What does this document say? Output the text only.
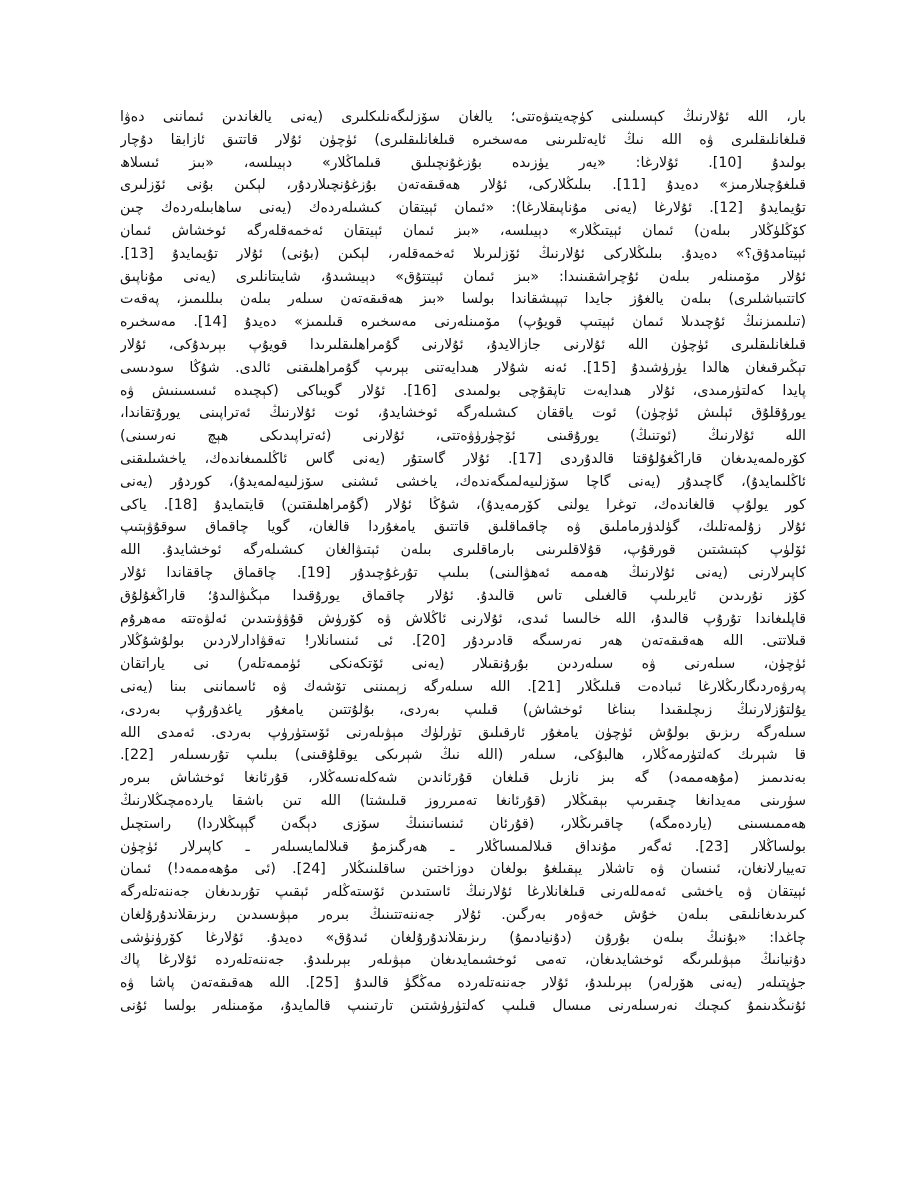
بار، الله ئۇلارنىڭ كېسىلىنى كۈچەيتىۋەتتى؛ يالغان سۆزلىگەنلىكلىرى (يەنى يالغاندىن ئىماننى دەۋا
قىلغانلىقلىرى ۋە الله نىڭ ئايەتلىرىنى مەسخىرە قىلغانلىقلىرى) ئۈچۈن ئۇلار قاتتىق ئازابقا دۇچار
بولىدۇ [10]. ئۇلارغا: «يەر يۈزىدە بۇزغۇنچىلىق قىلماڭلار» دېيىلسە، «بىز ئىسلاھ
قىلغۇچىلارمىز» دەيدۇ [11]. بىلىڭلاركى، ئۇلار ھەقىقەتەن بۇزغۇنچىلاردۇر، لېكىن بۇنى ئۆزلىرى
تۇيمايدۇ [12]. ئۇلارغا (يەنى مۇناپىقلارغا): «ئىمان ئېيتقان كىشىلەردەك (يەنى ساھابىلەردەك چىن
كۆڭلۈڭلار بىلەن) ئىمان ئېيتىڭلار» دېيىلسە، «بىز ئىمان ئېيتقان ئەخمەقلەرگە ئوخشاش ئىمان
ئېيتامدۇق؟» دەيدۇ. بىلىڭلاركى ئۇلارنىڭ ئۆزلىرىلا ئەخمەقلەر، لېكىن (بۇنى) ئۇلار تۇيمايدۇ [13].
ئۇلار مۆمىنلەر بىلەن ئۇچراشقىنىدا: «بىز ئىمان ئېيتتۇق» دېيىشىدۇ، شايىتانلىرى (يەنى مۇناپىق
كاتتىباشلىرى) بىلەن يالغۇز جايدا تېپىشقاندا بولسا «بىز ھەقىقەتەن سىلەر بىلەن بىللىمىز، پەقەت
(تىلىمىزنىڭ ئۇچىدىلا ئىمان ئېيتىپ قويۇپ) مۆمىنلەرنى مەسخىرە قىلىمىز» دەيدۇ [14]. مەسخىرە
قىلغانلىقلىرى ئۈچۈن الله ئۇلارنى جازالايدۇ، ئۇلارنى گۇمراھلىقلىرىدا قويۇپ بېرىدۇكى، ئۇلار
تېڭىرقىغان ھالدا يۈرۈشىدۇ [15]. ئەنە شۇلار ھىدايەتنى بېرىپ گۇمراھلىقنى ئالدى. شۇڭا سودىسى
پايدا كەلتۈرمىدى، ئۇلار ھىدايەت تاپقۇچى بولمىدى [16]. ئۇلار گويىاكى (كېچىدە ئىسسىنىش ۋە
يورۇقلۇق ئېلىش ئۈچۈن) ئوت ياققان كىشىلەرگە ئوخشايدۇ، ئوت ئۇلارنىڭ ئەتراپىنى يورۇتقاندا،
الله ئۇلارنىڭ (ئوتنىڭ) يورۇقىنى ئۆچۈرۈۋەتتى، ئۇلارنى (ئەتراپىدىكى ھېچ نەرسىنى)
كۆرەلمەيدىغان قاراڭغۇلۇقتا قالدۇردى [17]. ئۇلار گاستۇر (يەنى گاس ئاڭلىمىغاندەك، ياخشىلىقنى
ئاڭلىمايدۇ)، گاچىدۇر (يەنى گاچا سۆزلىيەلمىگەندەك، ياخشى ئىشنى سۆزلىيەلمەيدۇ)، كوردۇر (يەنى
كور يولۇپ قالغاندەك، توغرا يولنى كۆرمەيدۇ)، شۇڭا ئۇلار (گۇمراھلىقتىن) قايتمايدۇ [18]. ياكى
ئۇلار زۇلمەتلىك، گۈلدۈرماملىق ۋە چاقماقلىق قاتتىق يامغۇردا قالغان، گويا چاقماق سوقۇۋېتىپ
ئۆلۈپ كېتىشتىن قورقۇپ، قۇلاقلىرىنى بارماقلىرى بىلەن ئېتىۋالغان كىشىلەرگە ئوخشايدۇ. الله
كاپىرلارنى (يەنى ئۇلارنىڭ ھەممە ئەھۋالىنى) بىلىپ تۇرغۇچىدۇر [19]. چاقماق چاققاندا ئۇلار
كۆز نۇرىدىن ئايرىلىپ قالغىلى تاس قالىدۇ. ئۇلار چاقماق يورۇقىدا مېڭىۋالىدۇ؛ قاراڭغۇلۇق
قاپلىغاندا تۇرۇپ قالىدۇ، الله خالىسا ئىدى، ئۇلارنى ئاڭلاش ۋە كۆرۈش قۇۋۋىتىدىن ئەلۋەتتە مەھرۇم
قىلاتتى. الله ھەقىقەتەن ھەر نەرسىگە قادىردۇر [20]. ئى ئىنسانلار! تەقۋادارلاردىن بولۇشۇڭلار
ئۈچۈن، سىلەرنى ۋە سىلەردىن بۇرۇنقىلار (يەنى ئۆتكەنكى ئۈممەتلەر) نى ياراتقان
پەرۋەردىگارىڭلارغا ئىبادەت قىلىڭلار [21]. الله سىلەرگە زېمىننى تۆشەك ۋە ئاسماننى بىنا (يەنى
يۇلتۇزلارنىڭ زىچلىقىدا بىناغا ئوخشاش) قىلىپ بەردى، بۇلۇتتىن يامغۇر ياغدۇرۇپ بەردى،
سىلەرگە رىزىق بولۇش ئۈچۈن يامغۇر ئارقىلىق تۈرلۈك مېۋىلەرنى ئۆستۈرۈپ بەردى. ئەمدى الله
قا شېرىك كەلتۈرمەڭلار، ھالبۇكى، سىلەر (الله نىڭ شېرىكى يوقلۇقىنى) بىلىپ تۇرىسىلەر [22].
بەندىمىز (مۇھەممەد) گە بىز نازىل قىلغان قۇرئاندىن شەكلەنسەڭلار، قۇرئانغا ئوخشاش بىرەر
سۈرىنى مەيدانغا چىقىرىپ بېقىڭلار (قۇرئانغا تەمىرروز قىلىشتا) الله تىن باشقا ياردەمچىڭلارنىڭ
ھەممىسىنى (ياردەمگە) چاقىرىڭلار، (قۇرئان ئىنسانىنىڭ سۆزى دېگەن گېپىڭلاردا) راستچىل
بولساڭلار [23]. ئەگەر مۇنداق قىلالمىساڭلار ـ ھەرگىزمۇ قىلالمايسىلەر ـ كاپىرلار ئۈچۈن
تەييارلانغان، ئىنسان ۋە تاشلار يېقىلغۇ بولغان دوزاختىن ساقلىنىڭلار [24]. (ئى مۇھەممەد!) ئىمان
ئېيتقان ۋە ياخشى ئەمەللەرنى قىلغانلارغا ئۇلارنىڭ ئاستىدىن ئۆستەڭلەر ئېقىپ تۇرىدىغان جەننەتلەرگە
كىرىدىغانلىقى بىلەن خۇش خەۋەر بەرگىن. ئۇلار جەننەتتىنىڭ بىرەر مېۋىسىدىن رىزىقلاندۇرۇلغان
چاغدا: «بۇنىڭ بىلەن بۇرۇن (دۇنيادىمۇ) رىزىقلاندۇرۇلغان ئىدۇق» دەيدۇ. ئۇلارغا كۆرۈنۈشى
دۇنيانىڭ مېۋىلىرىگە ئوخشايدىغان، تەمى ئوخشىمايدىغان مېۋىلەر بېرىلىدۇ. جەننەتلەردە ئۇلارغا پاك
جۈپتىلەر (يەنى ھۆرلەر) بېرىلىدۇ، ئۇلار جەننەتلەردە مەڭگۈ قالىدۇ [25]. الله ھەقىقەتەن پاشا ۋە
ئۇنىڭدىنمۇ كىچىك نەرسىلەرنى مىسال قىلىپ كەلتۈرۈشتىن تارتىنىپ قالمايدۇ، مۆمىنلەر بولسا ئۇنى
